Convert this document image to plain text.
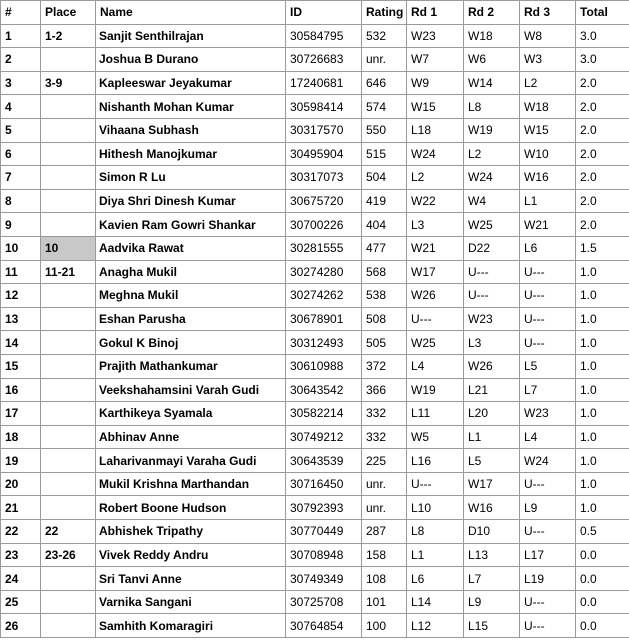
#	Place	Name	ID	Rating	Rd 1	Rd 2	Rd 3	Total
1	1-2	Sanjit Senthilrajan	30584795	532	W23	W18	W8	3.0
2		Joshua B Durano	30726683	unr.	W7	W6	W3	3.0
3	3-9	Kapleeswar Jeyakumar	17240681	646	W9	W14	L2	2.0
4		Nishanth Mohan Kumar	30598414	574	W15	L8	W18	2.0
5		Vihaana Subhash	30317570	550	L18	W19	W15	2.0
6		Hithesh Manojkumar	30495904	515	W24	L2	W10	2.0
7		Simon R Lu	30317073	504	L2	W24	W16	2.0
8		Diya Shri Dinesh Kumar	30675720	419	W22	W4	L1	2.0
9		Kavien Ram Gowri Shankar	30700226	404	L3	W25	W21	2.0
10	10	Aadvika Rawat	30281555	477	W21	D22	L6	1.5
11	11-21	Anagha Mukil	30274280	568	W17	U---	U---	1.0
12		Meghna Mukil	30274262	538	W26	U---	U---	1.0
13		Eshan Parusha	30678901	508	U---	W23	U---	1.0
14		Gokul K Binoj	30312493	505	W25	L3	U---	1.0
15		Prajith Mathankumar	30610988	372	L4	W26	L5	1.0
16		Veekshahamsini Varah Gudi	30643542	366	W19	L21	L7	1.0
17		Karthikeya Syamala	30582214	332	L11	L20	W23	1.0
18		Abhinav Anne	30749212	332	W5	L1	L4	1.0
19		Laharivanmayi Varaha Gudi	30643539	225	L16	L5	W24	1.0
20		Mukil Krishna Marthandan	30716450	unr.	U---	W17	U---	1.0
21		Robert Boone Hudson	30792393	unr.	L10	W16	L9	1.0
22	22	Abhishek Tripathy	30770449	287	L8	D10	U---	0.5
23	23-26	Vivek Reddy Andru	30708948	158	L1	L13	L17	0.0
24		Sri Tanvi Anne	30749349	108	L6	L7	L19	0.0
25		Varnika Sangani	30725708	101	L14	L9	U---	0.0
26		Samhith Komaragiri	30764854	100	L12	L15	U---	0.0
